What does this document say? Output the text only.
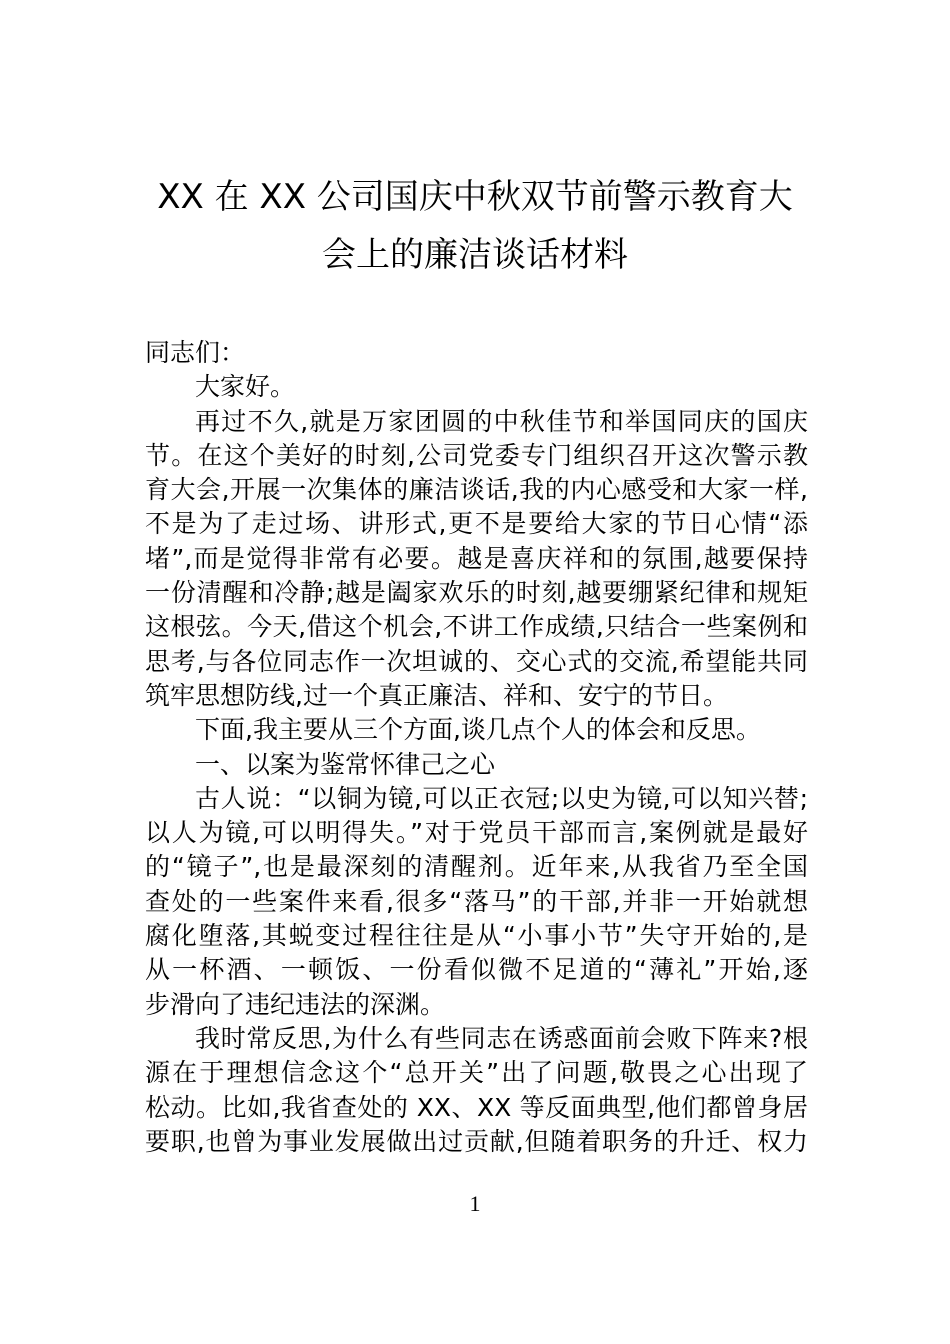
XX 在 XX 公司国庆中秋双节前警示教育大
会上的廉洁谈话材料
同志们：
大家好。
再过不久,就是万家团圆的中秋佳节和举国同庆的国庆
节。在这个美好的时刻,公司党委专门组织召开这次警示教
育大会,开展一次集体的廉洁谈话,我的内心感受和大家一样,
不是为了走过场、讲形式,更不是要给大家的节日心情“添
堵”,而是觉得非常有必要。越是喜庆祥和的氛围,越要保持
一份清醒和冷静;越是阖家欢乐的时刻,越要绷紧纪律和规矩
这根弦。今天,借这个机会,不讲工作成绩,只结合一些案例和
思考,与各位同志作一次坦诚的、交心式的交流,希望能共同
筑牢思想防线,过一个真正廉洁、祥和、安宁的节日。
下面,我主要从三个方面,谈几点个人的体会和反思。
一、以案为鉴常怀律己之心
古人说：“以铜为镜,可以正衣冠;以史为镜,可以知兴替;
以人为镜,可以明得失。”对于党员干部而言,案例就是最好
的“镜子”,也是最深刻的清醒剂。近年来,从我省乃至全国
查处的一些案件来看,很多“落马”的干部,并非一开始就想
腐化堕落,其蜕变过程往往是从“小事小节”失守开始的,是
从一杯酒、一顿饭、一份看似微不足道的“薄礼”开始,逐
步滑向了违纪违法的深渊。
我时常反思,为什么有些同志在诱惑面前会败下阵来?根
源在于理想信念这个“总开关”出了问题,敬畏之心出现了
松动。比如,我省查处的 XX、XX 等反面典型,他们都曾身居
要职,也曾为事业发展做出过贡献,但随着职务的升迁、权力
1
